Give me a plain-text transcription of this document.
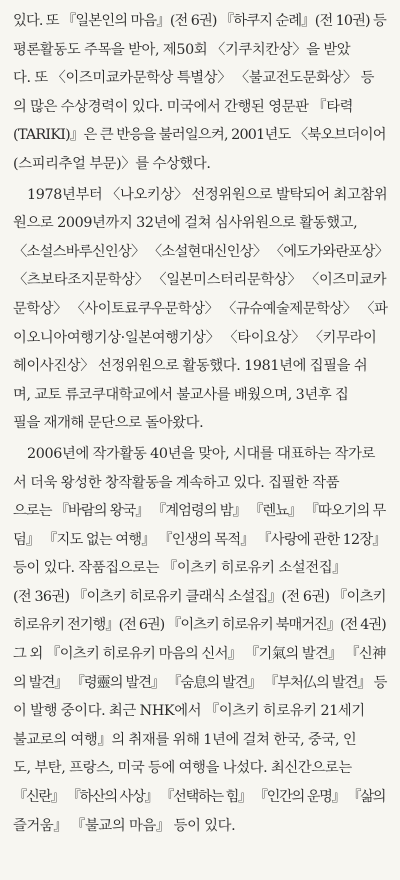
있다. 또 『일본인의 마음』(전 6권) 『하쿠지 순례』(전 10권) 등
평론활동도 주목을 받아, 제50회 〈기쿠치칸상〉을 받았
다. 또 〈이즈미쿄카문학상 특별상〉 〈불교전도문화상〉 등
의 많은 수상경력이 있다. 미국에서 간행된 영문판 『타력
(TARIKI)』은 큰 반응을 불러일으켜, 2001년도 〈북오브더이어
(스피리추얼 부문)〉를 수상했다.
1978년부터 〈나오키상〉 선정위원으로 발탁되어 최고참위
원으로 2009년까지 32년에 걸쳐 심사위원으로 활동했고,
〈소설스바루신인상〉 〈소설현대신인상〉 〈에도가와란포상〉
〈츠보타조지문학상〉 〈일본미스터리문학상〉 〈이즈미쿄카
문학상〉 〈사이토료쿠우문학상〉 〈규슈예술제문학상〉 〈파
이오니아여행기상·일본여행기상〉 〈타이요상〉 〈키무라이
헤이사진상〉 선정위원으로 활동했다. 1981년에 집필을 쉬
며, 교토 류코쿠대학교에서 불교사를 배웠으며, 3년후 집
필을 재개해 문단으로 돌아왔다.
2006년에 작가활동 40년을 맞아, 시대를 대표하는 작가로
서 더욱 왕성한 창작활동을 계속하고 있다. 집필한 작품
으로는 『바람의 왕국』 『계엄령의 밤』 『렌뇨』 『따오기의 무
덤』 『지도 없는 여행』 『인생의 목적』 『사랑에 관한 12장』
등이 있다. 작품집으로는 『이츠키 히로유키 소설전집』
(전 36권) 『이츠키 히로유키 클래식 소설집』(전 6권) 『이츠키
히로유키 전기행』(전 6권) 『이츠키 히로유키 북매거진』(전 4권)
그 외 『이츠키 히로유키 마음의 신서』 『기氣의 발견』 『신神
의 발견』 『령靈의 발견』 『숨息의 발견』 『부처仏의 발견』 등
이 발행 중이다. 최근 NHK에서 『이츠키 히로유키 21세기
불교로의 여행』의 취재를 위해 1년에 걸쳐 한국, 중국, 인
도, 부탄, 프랑스, 미국 등에 여행을 나섰다. 최신간으로는
『신란』 『하산의 사상』 『선택하는 힘』 『인간의 운명』 『삶의
즐거움』 『불교의 마음』 등이 있다.
